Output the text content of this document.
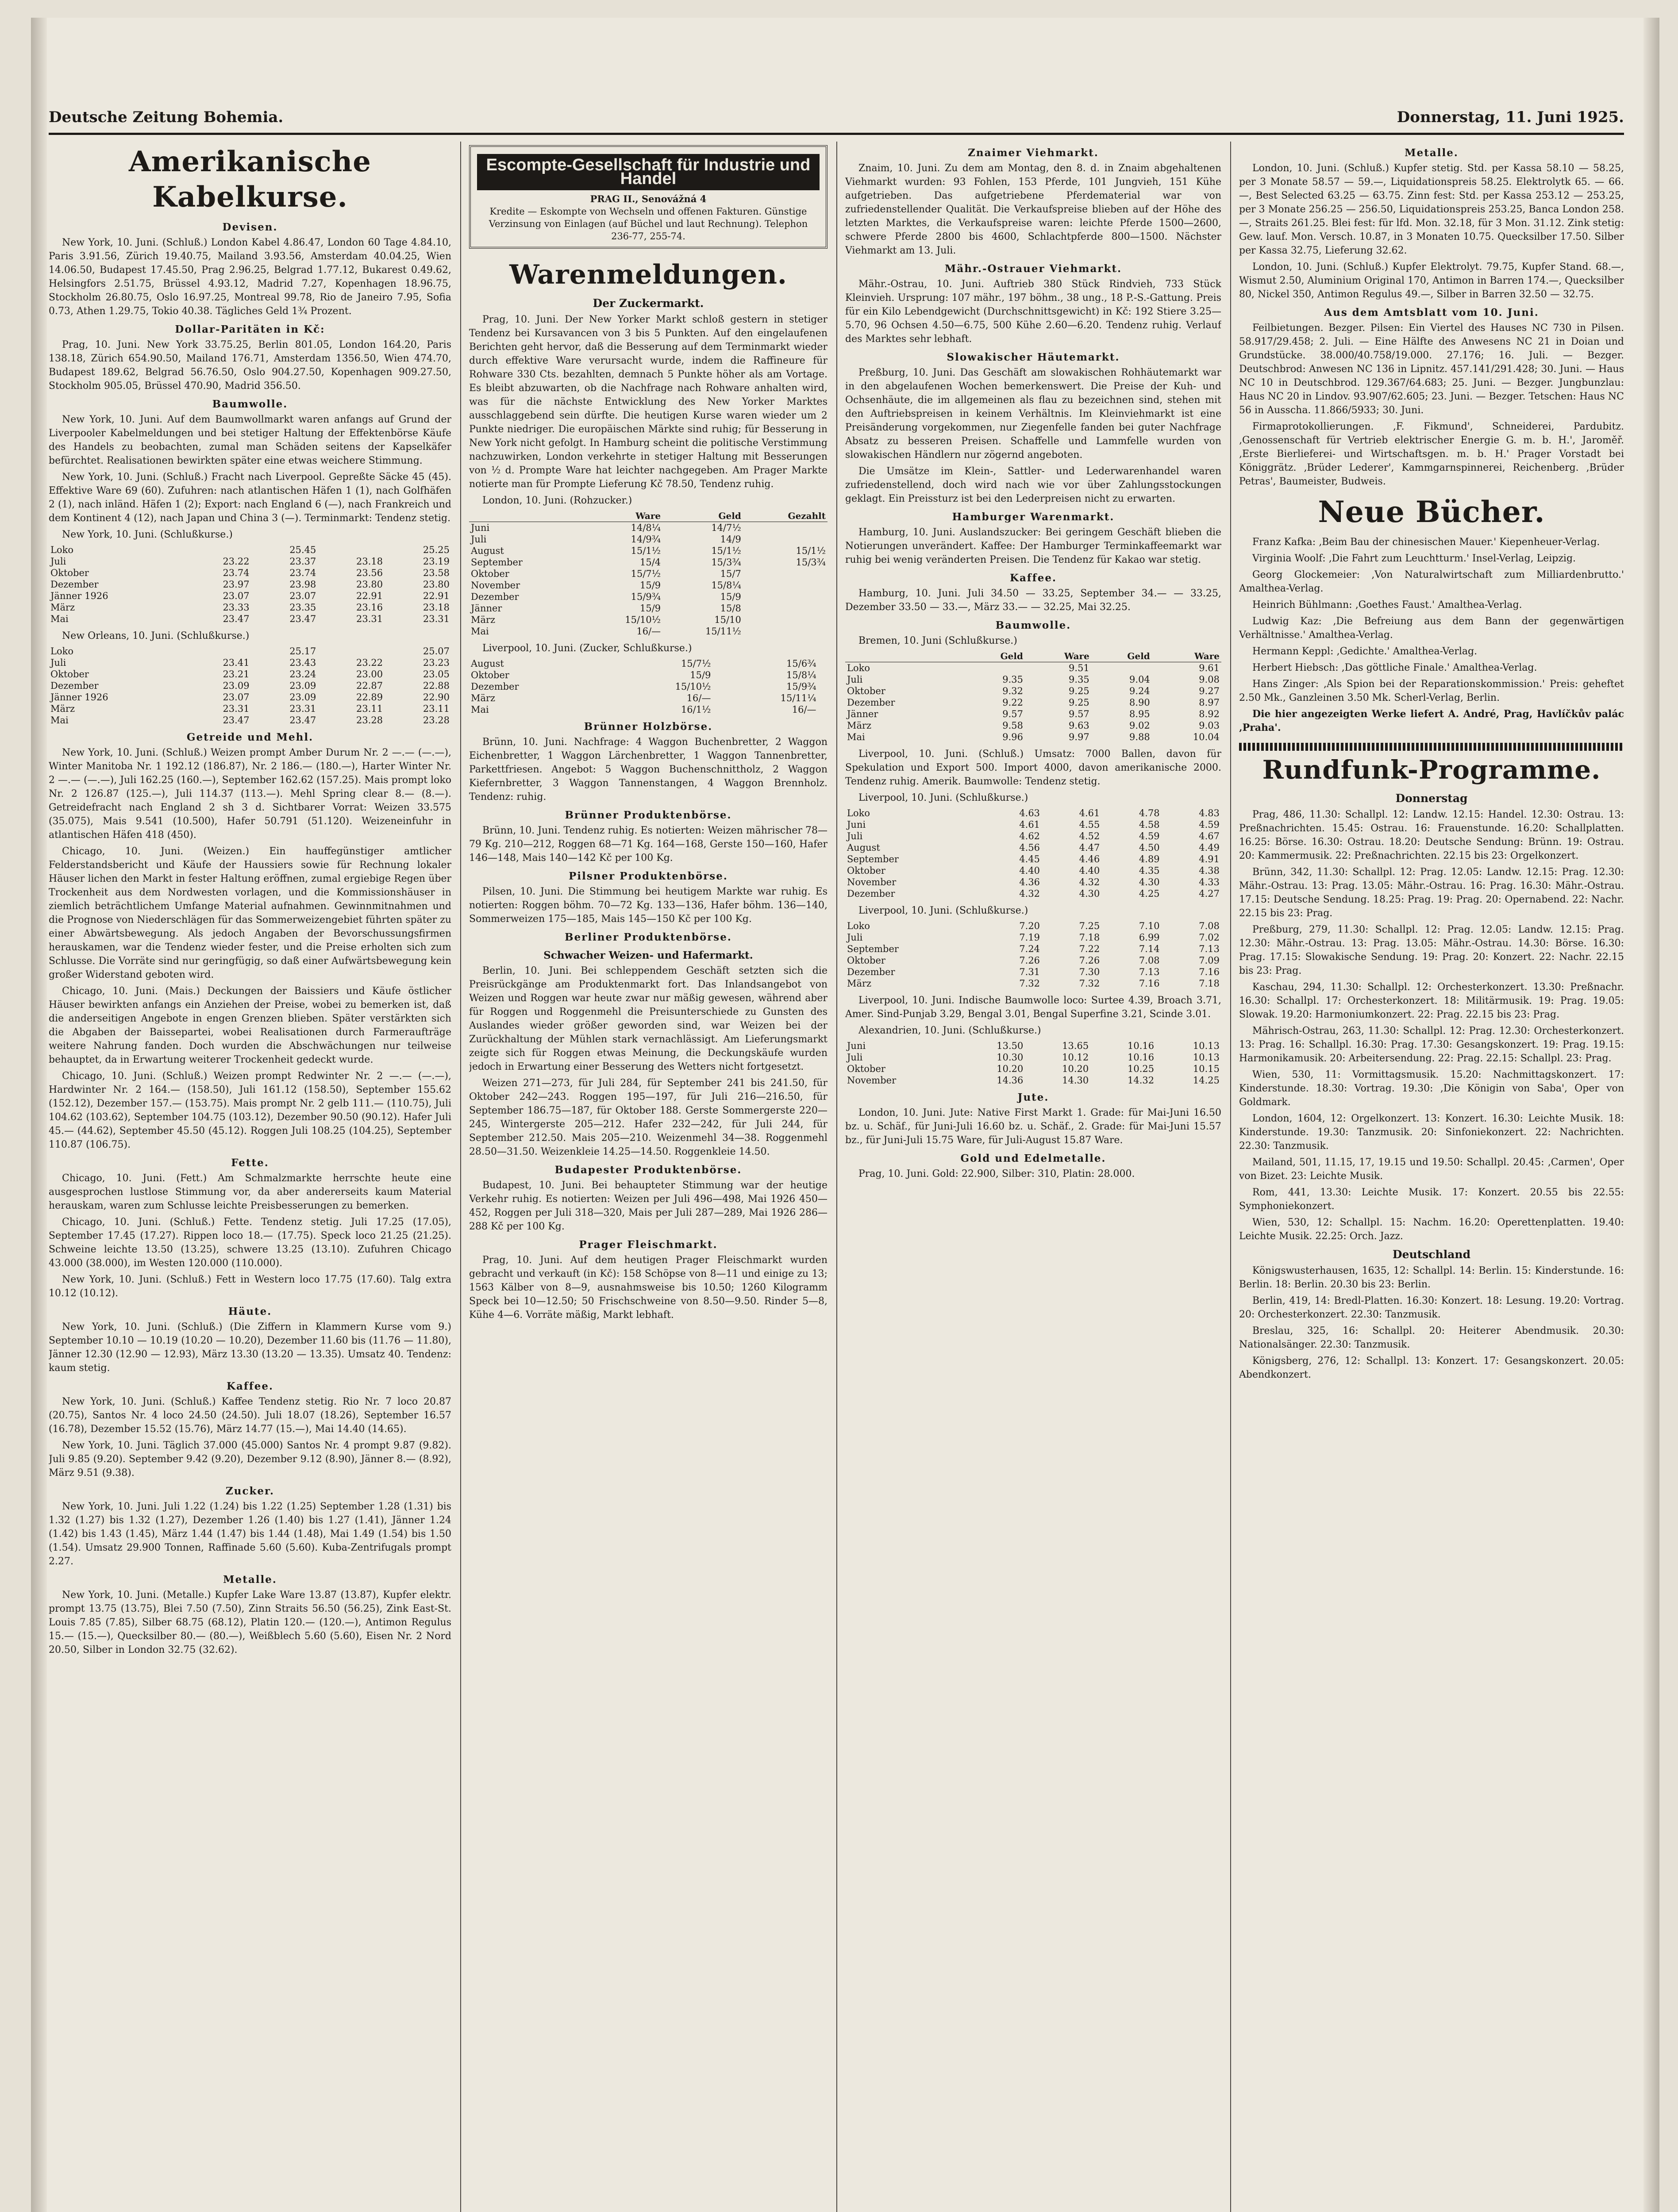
Deutsche Zeitung Bohemia.	Donnerstag, 11. Juni 1925.
Amerikanische Kabelkurse.
Devisen.

New York, 10. Juni. (Schluß.) London Kabel 4.86.47, London 60 Tage 4.84.10, Paris 3.91.56, Zürich 19.40.75, Mailand 3.93.56, Amsterdam 40.04.25, Wien 14.06.50, Budapest 17.45.50, Prag 2.96.25, Belgrad 1.77.12, Bukarest 0.49.62, Helsingfors 2.51.75, Brüssel 4.93.12, Madrid 7.27, Kopenhagen 18.96.75, Stockholm 26.80.75, Oslo 16.97.25, Montreal 99.78, Rio de Janeiro 7.95, Sofia 0.73, Athen 1.29.75, Tokio 40.38. Tägliches Geld 1¾ Prozent.

Dollar-Paritäten in Kč:

Prag, 10. Juni. New York 33.75.25, Berlin 801.05, London 164.20, Paris 138.18, Zürich 654.90.50, Mailand 176.71, Amsterdam 1356.50, Wien 474.70, Budapest 189.62, Belgrad 56.76.50, Oslo 904.27.50, Kopenhagen 909.27.50, Stockholm 905.05, Brüssel 470.90, Madrid 356.50.

Baumwolle.

New York, 10. Juni. Auf dem Baumwollmarkt waren anfangs auf Grund der Liverpooler Kabelmeldungen und bei stetiger Haltung der Effektenbörse Käufe des Handels zu beobachten, zumal man Schäden seitens der Kapselkäfer befürchtet. Realisationen bewirkten später eine etwas weichere Stimmung.

New York, 10. Juni. (Schluß.) Fracht nach Liverpool. Gepreßte Säcke 45 (45). Effektive Ware 69 (60). Zufuhren: nach atlantischen Häfen 1 (1), nach Golfhäfen 2 (1), nach inländ. Häfen 1 (2); Export: nach England 6 (—), nach Frankreich und dem Kontinent 4 (12), nach Japan und China 3 (—). Terminmarkt: Tendenz stetig.

New York, 10. Juni. (Schlußkurse.)

Loko		25.45		25.25
Juli	23.22	23.37	23.18	23.19
Oktober	23.74	23.74	23.56	23.58
Dezember	23.97	23.98	23.80	23.80
Jänner 1926	23.07	23.07	22.91	22.91
März	23.33	23.35	23.16	23.18
Mai	23.47	23.47	23.31	23.31

New Orleans, 10. Juni. (Schlußkurse.)

Loko		25.17		25.07
Juli	23.41	23.43	23.22	23.23
Oktober	23.21	23.24	23.00	23.05
Dezember	23.09	23.09	22.87	22.88
Jänner 1926	23.07	23.09	22.89	22.90
März	23.31	23.31	23.11	23.11
Mai	23.47	23.47	23.28	23.28
Getreide und Mehl.

New York, 10. Juni. (Schluß.) Weizen prompt Amber Durum Nr. 2 —.— (—.—), Winter Manitoba Nr. 1 192.12 (186.87), Nr. 2 186.— (180.—), Harter Winter Nr. 2 —.— (—.—), Juli 162.25 (160.—), September 162.62 (157.25). Mais prompt loko Nr. 2 126.87 (125.—), Juli 114.37 (113.—). Mehl Spring clear 8.— (8.—). Getreidefracht nach England 2 sh 3 d. Sichtbarer Vorrat: Weizen 33.575 (35.075), Mais 9.541 (10.500), Hafer 50.791 (51.120). Weizeneinfuhr in atlantischen Häfen 418 (450).

Chicago, 10. Juni. (Weizen.) Ein hauffegünstiger amtlicher Felderstandsbericht und Käufe der Haussiers sowie für Rechnung lokaler Häuser lichen den Markt in fester Haltung eröffnen, zumal ergiebige Regen über Trockenheit aus dem Nordwesten vorlagen, und die Kommissionshäuser in ziemlich beträchtlichem Umfange Material aufnahmen. Gewinnmitnahmen und die Prognose von Niederschlägen für das Sommerweizengebiet führten später zu einer Abwärtsbewegung. Als jedoch Angaben der Bevorschussungsfirmen herauskamen, war die Tendenz wieder fester, und die Preise erholten sich zum Schlusse. Die Vorräte sind nur geringfügig, so daß einer Aufwärtsbewegung kein großer Widerstand geboten wird.

Chicago, 10. Juni. (Mais.) Deckungen der Baissiers und Käufe östlicher Häuser bewirkten anfangs ein Anziehen der Preise, wobei zu bemerken ist, daß die anderseitigen Angebote in engen Grenzen blieben. Später verstärkten sich die Abgaben der Baissepartei, wobei Realisationen durch Farmeraufträge weitere Nahrung fanden. Doch wurden die Abschwächungen nur teilweise behauptet, da in Erwartung weiterer Trockenheit gedeckt wurde.

Chicago, 10. Juni. (Schluß.) Weizen prompt Redwinter Nr. 2 —.— (—.—), Hardwinter Nr. 2 164.— (158.50), Juli 161.12 (158.50), September 155.62 (152.12), Dezember 157.— (153.75). Mais prompt Nr. 2 gelb 111.— (110.75), Juli 104.62 (103.62), September 104.75 (103.12), Dezember 90.50 (90.12). Hafer Juli 45.— (44.62), September 45.50 (45.12). Roggen Juli 108.25 (104.25), September 110.87 (106.75).

Fette.

Chicago, 10. Juni. (Fett.) Am Schmalzmarkte herrschte heute eine ausgesprochen lustlose Stimmung vor, da aber andererseits kaum Material herauskam, waren zum Schlusse leichte Preisbesserungen zu bemerken.

Chicago, 10. Juni. (Schluß.) Fette. Tendenz stetig. Juli 17.25 (17.05), September 17.45 (17.27). Rippen loco 18.— (17.75). Speck loco 21.25 (21.25). Schweine leichte 13.50 (13.25), schwere 13.25 (13.10). Zufuhren Chicago 43.000 (38.000), im Westen 120.000 (110.000).

New York, 10. Juni. (Schluß.) Fett in Western loco 17.75 (17.60). Talg extra 10.12 (10.12).

Häute.

New York, 10. Juni. (Schluß.) (Die Ziffern in Klammern Kurse vom 9.) September 10.10 — 10.19 (10.20 — 10.20), Dezember 11.60 bis (11.76 — 11.80), Jänner 12.30 (12.90 — 12.93), März 13.30 (13.20 — 13.35). Umsatz 40. Tendenz: kaum stetig.

Kaffee.

New York, 10. Juni. (Schluß.) Kaffee Tendenz stetig. Rio Nr. 7 loco 20.87 (20.75), Santos Nr. 4 loco 24.50 (24.50). Juli 18.07 (18.26), September 16.57 (16.78), Dezember 15.52 (15.76), März 14.77 (15.—), Mai 14.40 (14.65).

New York, 10. Juni. Täglich 37.000 (45.000) Santos Nr. 4 prompt 9.87 (9.82). Juli 9.85 (9.20). September 9.42 (9.20), Dezember 9.12 (8.90), Jänner 8.— (8.92), März 9.51 (9.38).

Zucker.

New York, 10. Juni. Juli 1.22 (1.24) bis 1.22 (1.25) September 1.28 (1.31) bis 1.32 (1.27) bis 1.32 (1.27), Dezember 1.26 (1.40) bis 1.27 (1.41), Jänner 1.24 (1.42) bis 1.43 (1.45), März 1.44 (1.47) bis 1.44 (1.48), Mai 1.49 (1.54) bis 1.50 (1.54). Umsatz 29.900 Tonnen, Raffinade 5.60 (5.60). Kuba-Zentrifugals prompt 2.27.

Metalle.

New York, 10. Juni. (Metalle.) Kupfer Lake Ware 13.87 (13.87), Kupfer elektr. prompt 13.75 (13.75), Blei 7.50 (7.50), Zinn Straits 56.50 (56.25), Zink East-St. Louis 7.85 (7.85), Silber 68.75 (68.12), Platin 120.— (120.—), Antimon Regulus 15.— (15.—), Quecksilber 80.— (80.—), Weißblech 5.60 (5.60), Eisen Nr. 2 Nord 20.50, Silber in London 32.75 (32.62).

Escompte-Gesellschaft für Industrie und Handel
PRAG II., Senovážná 4
Kredite — Eskompte von Wechseln und offenen Fakturen. Günstige Verzinsung von Einlagen (auf Büchel und laut Rechnung). Telephon 236-77, 255-74.
Warenmeldungen.
Der Zuckermarkt.

Prag, 10. Juni. Der New Yorker Markt schloß gestern in stetiger Tendenz bei Kursavancen von 3 bis 5 Punkten. Auf den eingelaufenen Berichten geht hervor, daß die Besserung auf dem Terminmarkt wieder durch effektive Ware verursacht wurde, indem die Raffineure für Rohware 330 Cts. bezahlten, demnach 5 Punkte höher als am Vortage. Es bleibt abzuwarten, ob die Nachfrage nach Rohware anhalten wird, was für die nächste Entwicklung des New Yorker Marktes ausschlaggebend sein dürfte. Die heutigen Kurse waren wieder um 2 Punkte niedriger. Die europäischen Märkte sind ruhig; für Besserung in New York nicht gefolgt. In Hamburg scheint die politische Verstimmung nachzuwirken, London verkehrte in stetiger Haltung mit Besserungen von ½ d. Prompte Ware hat leichter nachgegeben. Am Prager Markte notierte man für Prompte Lieferung Kč 78.50, Tendenz ruhig.

London, 10. Juni. (Rohzucker.)

	Ware	Geld	Gezahlt
Juni	14/8¼	14/7½	
Juli	14/9¾	14/9	
August	15/1½	15/1½	15/1½
September	15/4	15/3¾	15/3¾
Oktober	15/7½	15/7	
November	15/9	15/8¼	
Dezember	15/9¾	15/9	
Jänner	15/9	15/8	
März	15/10½	15/10	
Mai	16/—	15/11½	

Liverpool, 10. Juni. (Zucker, Schlußkurse.)

August	15/7½	15/6¾	
Oktober	15/9	15/8¼	
Dezember	15/10½	15/9¾	
März	16/—	15/11¼	
Mai	16/1½	16/—	
Brünner Holzbörse.

Brünn, 10. Juni. Nachfrage: 4 Waggon Buchenbretter, 2 Waggon Eichenbretter, 1 Waggon Lärchenbretter, 1 Waggon Tannenbretter, Parkettfriesen. Angebot: 5 Waggon Buchenschnittholz, 2 Waggon Kiefernbretter, 3 Waggon Tannenstangen, 4 Waggon Brennholz. Tendenz: ruhig.

Brünner Produktenbörse.

Brünn, 10. Juni. Tendenz ruhig. Es notierten: Weizen mährischer 78—79 Kg. 210—212, Roggen 68—71 Kg. 164—168, Gerste 150—160, Hafer 146—148, Mais 140—142 Kč per 100 Kg.

Pilsner Produktenbörse.

Pilsen, 10. Juni. Die Stimmung bei heutigem Markte war ruhig. Es notierten: Roggen böhm. 70—72 Kg. 133—136, Hafer böhm. 136—140, Sommerweizen 175—185, Mais 145—150 Kč per 100 Kg.

Berliner Produktenbörse.
Schwacher Weizen- und Hafermarkt.

Berlin, 10. Juni. Bei schleppendem Geschäft setzten sich die Preisrückgänge am Produktenmarkt fort. Das Inlandsangebot von Weizen und Roggen war heute zwar nur mäßig gewesen, während aber für Roggen und Roggenmehl die Preisunterschiede zu Gunsten des Auslandes wieder größer geworden sind, war Weizen bei der Zurückhaltung der Mühlen stark vernachlässigt. Am Lieferungsmarkt zeigte sich für Roggen etwas Meinung, die Deckungskäufe wurden jedoch in Erwartung einer Besserung des Wetters nicht fortgesetzt.

Weizen 271—273, für Juli 284, für September 241 bis 241.50, für Oktober 242—243. Roggen 195—197, für Juli 216—216.50, für September 186.75—187, für Oktober 188. Gerste Sommergerste 220—245, Wintergerste 205—212. Hafer 232—242, für Juli 244, für September 212.50. Mais 205—210. Weizenmehl 34—38. Roggenmehl 28.50—31.50. Weizenkleie 14.25—14.50. Roggenkleie 14.50.

Budapester Produktenbörse.

Budapest, 10. Juni. Bei behaupteter Stimmung war der heutige Verkehr ruhig. Es notierten: Weizen per Juli 496—498, Mai 1926 450—452, Roggen per Juli 318—320, Mais per Juli 287—289, Mai 1926 286—288 Kč per 100 Kg.

Prager Fleischmarkt.

Prag, 10. Juni. Auf dem heutigen Prager Fleischmarkt wurden gebracht und verkauft (in Kč): 158 Schöpse von 8—11 und einige zu 13; 1563 Kälber von 8—9, ausnahmsweise bis 10.50; 1260 Kilogramm Speck bei 10—12.50; 50 Frischschweine von 8.50—9.50. Rinder 5—8, Kühe 4—6. Vorräte mäßig, Markt lebhaft.

Znaimer Viehmarkt.

Znaim, 10. Juni. Zu dem am Montag, den 8. d. in Znaim abgehaltenen Viehmarkt wurden: 93 Fohlen, 153 Pferde, 101 Jungvieh, 151 Kühe aufgetrieben. Das aufgetriebene Pferdematerial war von zufriedenstellender Qualität. Die Verkaufspreise blieben auf der Höhe des letzten Marktes, die Verkaufspreise waren: leichte Pferde 1500—2600, schwere Pferde 2800 bis 4600, Schlachtpferde 800—1500. Nächster Viehmarkt am 13. Juli.

Mähr.-Ostrauer Viehmarkt.

Mähr.-Ostrau, 10. Juni. Auftrieb 380 Stück Rindvieh, 733 Stück Kleinvieh. Ursprung: 107 mähr., 197 böhm., 38 ung., 18 P.-S.-Gattung. Preis für ein Kilo Lebendgewicht (Durchschnittsgewicht) in Kč: 192 Stiere 3.25—5.70, 96 Ochsen 4.50—6.75, 500 Kühe 2.60—6.20. Tendenz ruhig. Verlauf des Marktes sehr lebhaft.

Slowakischer Häutemarkt.

Preßburg, 10. Juni. Das Geschäft am slowakischen Rohhäutemarkt war in den abgelaufenen Wochen bemerkenswert. Die Preise der Kuh- und Ochsenhäute, die im allgemeinen als flau zu bezeichnen sind, stehen mit den Auftriebspreisen in keinem Verhältnis. Im Kleinviehmarkt ist eine Preisänderung vorgekommen, nur Ziegenfelle fanden bei guter Nachfrage Absatz zu besseren Preisen. Schaffelle und Lammfelle wurden von slowakischen Händlern nur zögernd angeboten.

Die Umsätze im Klein-, Sattler- und Lederwarenhandel waren zufriedenstellend, doch wird nach wie vor über Zahlungsstockungen geklagt. Ein Preissturz ist bei den Lederpreisen nicht zu erwarten.

Hamburger Warenmarkt.

Hamburg, 10. Juni. Auslandszucker: Bei geringem Geschäft blieben die Notierungen unverändert. Kaffee: Der Hamburger Terminkaffeemarkt war ruhig bei wenig veränderten Preisen. Die Tendenz für Kakao war stetig.

Kaffee.

Hamburg, 10. Juni. Juli 34.50 — 33.25, September 34.— — 33.25, Dezember 33.50 — 33.—, März 33.— — 32.25, Mai 32.25.

Baumwolle.

Bremen, 10. Juni (Schlußkurse.)

	Geld	Ware	Geld	Ware
Loko		9.51		9.61
Juli	9.35	9.35	9.04	9.08
Oktober	9.32	9.25	9.24	9.27
Dezember	9.22	9.25	8.90	8.97
Jänner	9.57	9.57	8.95	8.92
März	9.58	9.63	9.02	9.03
Mai	9.96	9.97	9.88	10.04

Liverpool, 10. Juni. (Schluß.) Umsatz: 7000 Ballen, davon für Spekulation und Export 500. Import 4000, davon amerikanische 2000. Tendenz ruhig. Amerik. Baumwolle: Tendenz stetig.

Liverpool, 10. Juni. (Schlußkurse.)

Loko	4.63	4.61	4.78	4.83
Juni	4.61	4.55	4.58	4.59
Juli	4.62	4.52	4.59	4.67
August	4.56	4.47	4.50	4.49
September	4.45	4.46	4.89	4.91
Oktober	4.40	4.40	4.35	4.38
November	4.36	4.32	4.30	4.33
Dezember	4.32	4.30	4.25	4.27

Liverpool, 10. Juni. (Schlußkurse.)

Loko	7.20	7.25	7.10	7.08
Juli	7.19	7.18	6.99	7.02
September	7.24	7.22	7.14	7.13
Oktober	7.26	7.26	7.08	7.09
Dezember	7.31	7.30	7.13	7.16
März	7.32	7.32	7.16	7.18

Liverpool, 10. Juni. Indische Baumwolle loco: Surtee 4.39, Broach 3.71, Amer. Sind-Punjab 3.29, Bengal 3.01, Bengal Superfine 3.21, Scinde 3.01.

Alexandrien, 10. Juni. (Schlußkurse.)

Juni	13.50	13.65	10.16	10.13
Juli	10.30	10.12	10.16	10.13
Oktober	10.20	10.20	10.25	10.15
November	14.36	14.30	14.32	14.25
Jute.

London, 10. Juni. Jute: Native First Markt 1. Grade: für Mai-Juni 16.50 bz. u. Schäf., für Juni-Juli 16.60 bz. u. Schäf., 2. Grade: für Mai-Juni 15.57 bz., für Juni-Juli 15.75 Ware, für Juli-August 15.87 Ware.

Gold und Edelmetalle.

Prag, 10. Juni. Gold: 22.900, Silber: 310, Platin: 28.000.

Metalle.

London, 10. Juni. (Schluß.) Kupfer stetig. Std. per Kassa 58.10 — 58.25, per 3 Monate 58.57 — 59.—, Liquidationspreis 58.25. Elektrolytk 65. — 66. —, Best Selected 63.25 — 63.75. Zinn fest: Std. per Kassa 253.12 — 253.25, per 3 Monate 256.25 — 256.50, Liquidationspreis 253.25, Banca London 258.—, Straits 261.25. Blei fest: für lfd. Mon. 32.18, für 3 Mon. 31.12. Zink stetig: Gew. lauf. Mon. Versch. 10.87, in 3 Monaten 10.75. Quecksilber 17.50. Silber per Kassa 32.75, Lieferung 32.62.

London, 10. Juni. (Schluß.) Kupfer Elektrolyt. 79.75, Kupfer Stand. 68.—, Wismut 2.50, Aluminium Original 170, Antimon in Barren 174.—, Quecksilber 80, Nickel 350, Antimon Regulus 49.—, Silber in Barren 32.50 — 32.75.

Aus dem Amtsblatt vom 10. Juni.

Feilbietungen. Bezger. Pilsen: Ein Viertel des Hauses NC 730 in Pilsen. 58.917/29.458; 2. Juli. — Eine Hälfte des Anwesens NC 21 in Doian und Grundstücke. 38.000/40.758/19.000. 27.176; 16. Juli. — Bezger. Deutschbrod: Anwesen NC 136 in Lipnitz. 457.141/291.428; 30. Juni. — Haus NC 10 in Deutschbrod. 129.367/64.683; 25. Juni. — Bezger. Jungbunzlau: Haus NC 20 in Lindov. 93.907/62.605; 23. Juni. — Bezger. Tetschen: Haus NC 56 in Ausscha. 11.866/5933; 30. Juni.

Firmaprotokollierungen. ‚F. Fikmund', Schneiderei, Pardubitz. ‚Genossenschaft für Vertrieb elektrischer Energie G. m. b. H.', Jaroměř. ‚Erste Bierlieferei- und Wirtschaftsgen. m. b. H.' Prager Vorstadt bei Königgrätz. ‚Brüder Lederer', Kammgarnspinnerei, Reichenberg. ‚Brüder Petras', Baumeister, Budweis.

Neue Bücher.

Franz Kafka: ‚Beim Bau der chinesischen Mauer.' Kiepenheuer-Verlag.

Virginia Woolf: ‚Die Fahrt zum Leuchtturm.' Insel-Verlag, Leipzig.

Georg Glockemeier: ‚Von Naturalwirtschaft zum Milliardenbrutto.' Amalthea-Verlag.

Heinrich Bühlmann: ‚Goethes Faust.' Amalthea-Verlag.

Ludwig Kaz: ‚Die Befreiung aus dem Bann der gegenwärtigen Verhältnisse.' Amalthea-Verlag.

Hermann Keppl: ‚Gedichte.' Amalthea-Verlag.

Herbert Hiebsch: ‚Das göttliche Finale.' Amalthea-Verlag.

Hans Zinger: ‚Als Spion bei der Reparationskommission.' Preis: geheftet 2.50 Mk., Ganzleinen 3.50 Mk. Scherl-Verlag, Berlin.

Die hier angezeigten Werke liefert A. André, Prag, Havlíčkův palác ‚Praha'.

Rundfunk-Programme.
Donnerstag

Prag, 486, 11.30: Schallpl. 12: Landw. 12.15: Handel. 12.30: Ostrau. 13: Preßnachrichten. 15.45: Ostrau. 16: Frauenstunde. 16.20: Schallplatten. 16.25: Börse. 16.30: Ostrau. 18.20: Deutsche Sendung: Brünn. 19: Ostrau. 20: Kammermusik. 22: Preßnachrichten. 22.15 bis 23: Orgelkonzert.

Brünn, 342, 11.30: Schallpl. 12: Prag. 12.05: Landw. 12.15: Prag. 12.30: Mähr.-Ostrau. 13: Prag. 13.05: Mähr.-Ostrau. 16: Prag. 16.30: Mähr.-Ostrau. 17.15: Deutsche Sendung. 18.25: Prag. 19: Prag. 20: Opernabend. 22: Nachr. 22.15 bis 23: Prag.

Preßburg, 279, 11.30: Schallpl. 12: Prag. 12.05: Landw. 12.15: Prag. 12.30: Mähr.-Ostrau. 13: Prag. 13.05: Mähr.-Ostrau. 14.30: Börse. 16.30: Prag. 17.15: Slowakische Sendung. 19: Prag. 20: Konzert. 22: Nachr. 22.15 bis 23: Prag.

Kaschau, 294, 11.30: Schallpl. 12: Orchesterkonzert. 13.30: Preßnachr. 16.30: Schallpl. 17: Orchesterkonzert. 18: Militärmusik. 19: Prag. 19.05: Slowak. 19.20: Harmoniumkonzert. 22: Prag. 22.15 bis 23: Prag.

Mährisch-Ostrau, 263, 11.30: Schallpl. 12: Prag. 12.30: Orchesterkonzert. 13: Prag. 16: Schallpl. 16.30: Prag. 17.30: Gesangskonzert. 19: Prag. 19.15: Harmonikamusik. 20: Arbeitersendung. 22: Prag. 22.15: Schallpl. 23: Prag.

Wien, 530, 11: Vormittagsmusik. 15.20: Nachmittagskonzert. 17: Kinderstunde. 18.30: Vortrag. 19.30: ‚Die Königin von Saba', Oper von Goldmark.

London, 1604, 12: Orgelkonzert. 13: Konzert. 16.30: Leichte Musik. 18: Kinderstunde. 19.30: Tanzmusik. 20: Sinfoniekonzert. 22: Nachrichten. 22.30: Tanzmusik.

Mailand, 501, 11.15, 17, 19.15 und 19.50: Schallpl. 20.45: ‚Carmen', Oper von Bizet. 23: Leichte Musik.

Rom, 441, 13.30: Leichte Musik. 17: Konzert. 20.55 bis 22.55: Symphoniekonzert.

Wien, 530, 12: Schallpl. 15: Nachm. 16.20: Operettenplatten. 19.40: Leichte Musik. 22.25: Orch. Jazz.

Deutschland

Königswusterhausen, 1635, 12: Schallpl. 14: Berlin. 15: Kinderstunde. 16: Berlin. 18: Berlin. 20.30 bis 23: Berlin.

Berlin, 419, 14: Bredl-Platten. 16.30: Konzert. 18: Lesung. 19.20: Vortrag. 20: Orchesterkonzert. 22.30: Tanzmusik.

Breslau, 325, 16: Schallpl. 20: Heiterer Abendmusik. 20.30: Nationalsänger. 22.30: Tanzmusik.

Königsberg, 276, 12: Schallpl. 13: Konzert. 17: Gesangskonzert. 20.05: Abendkonzert.
